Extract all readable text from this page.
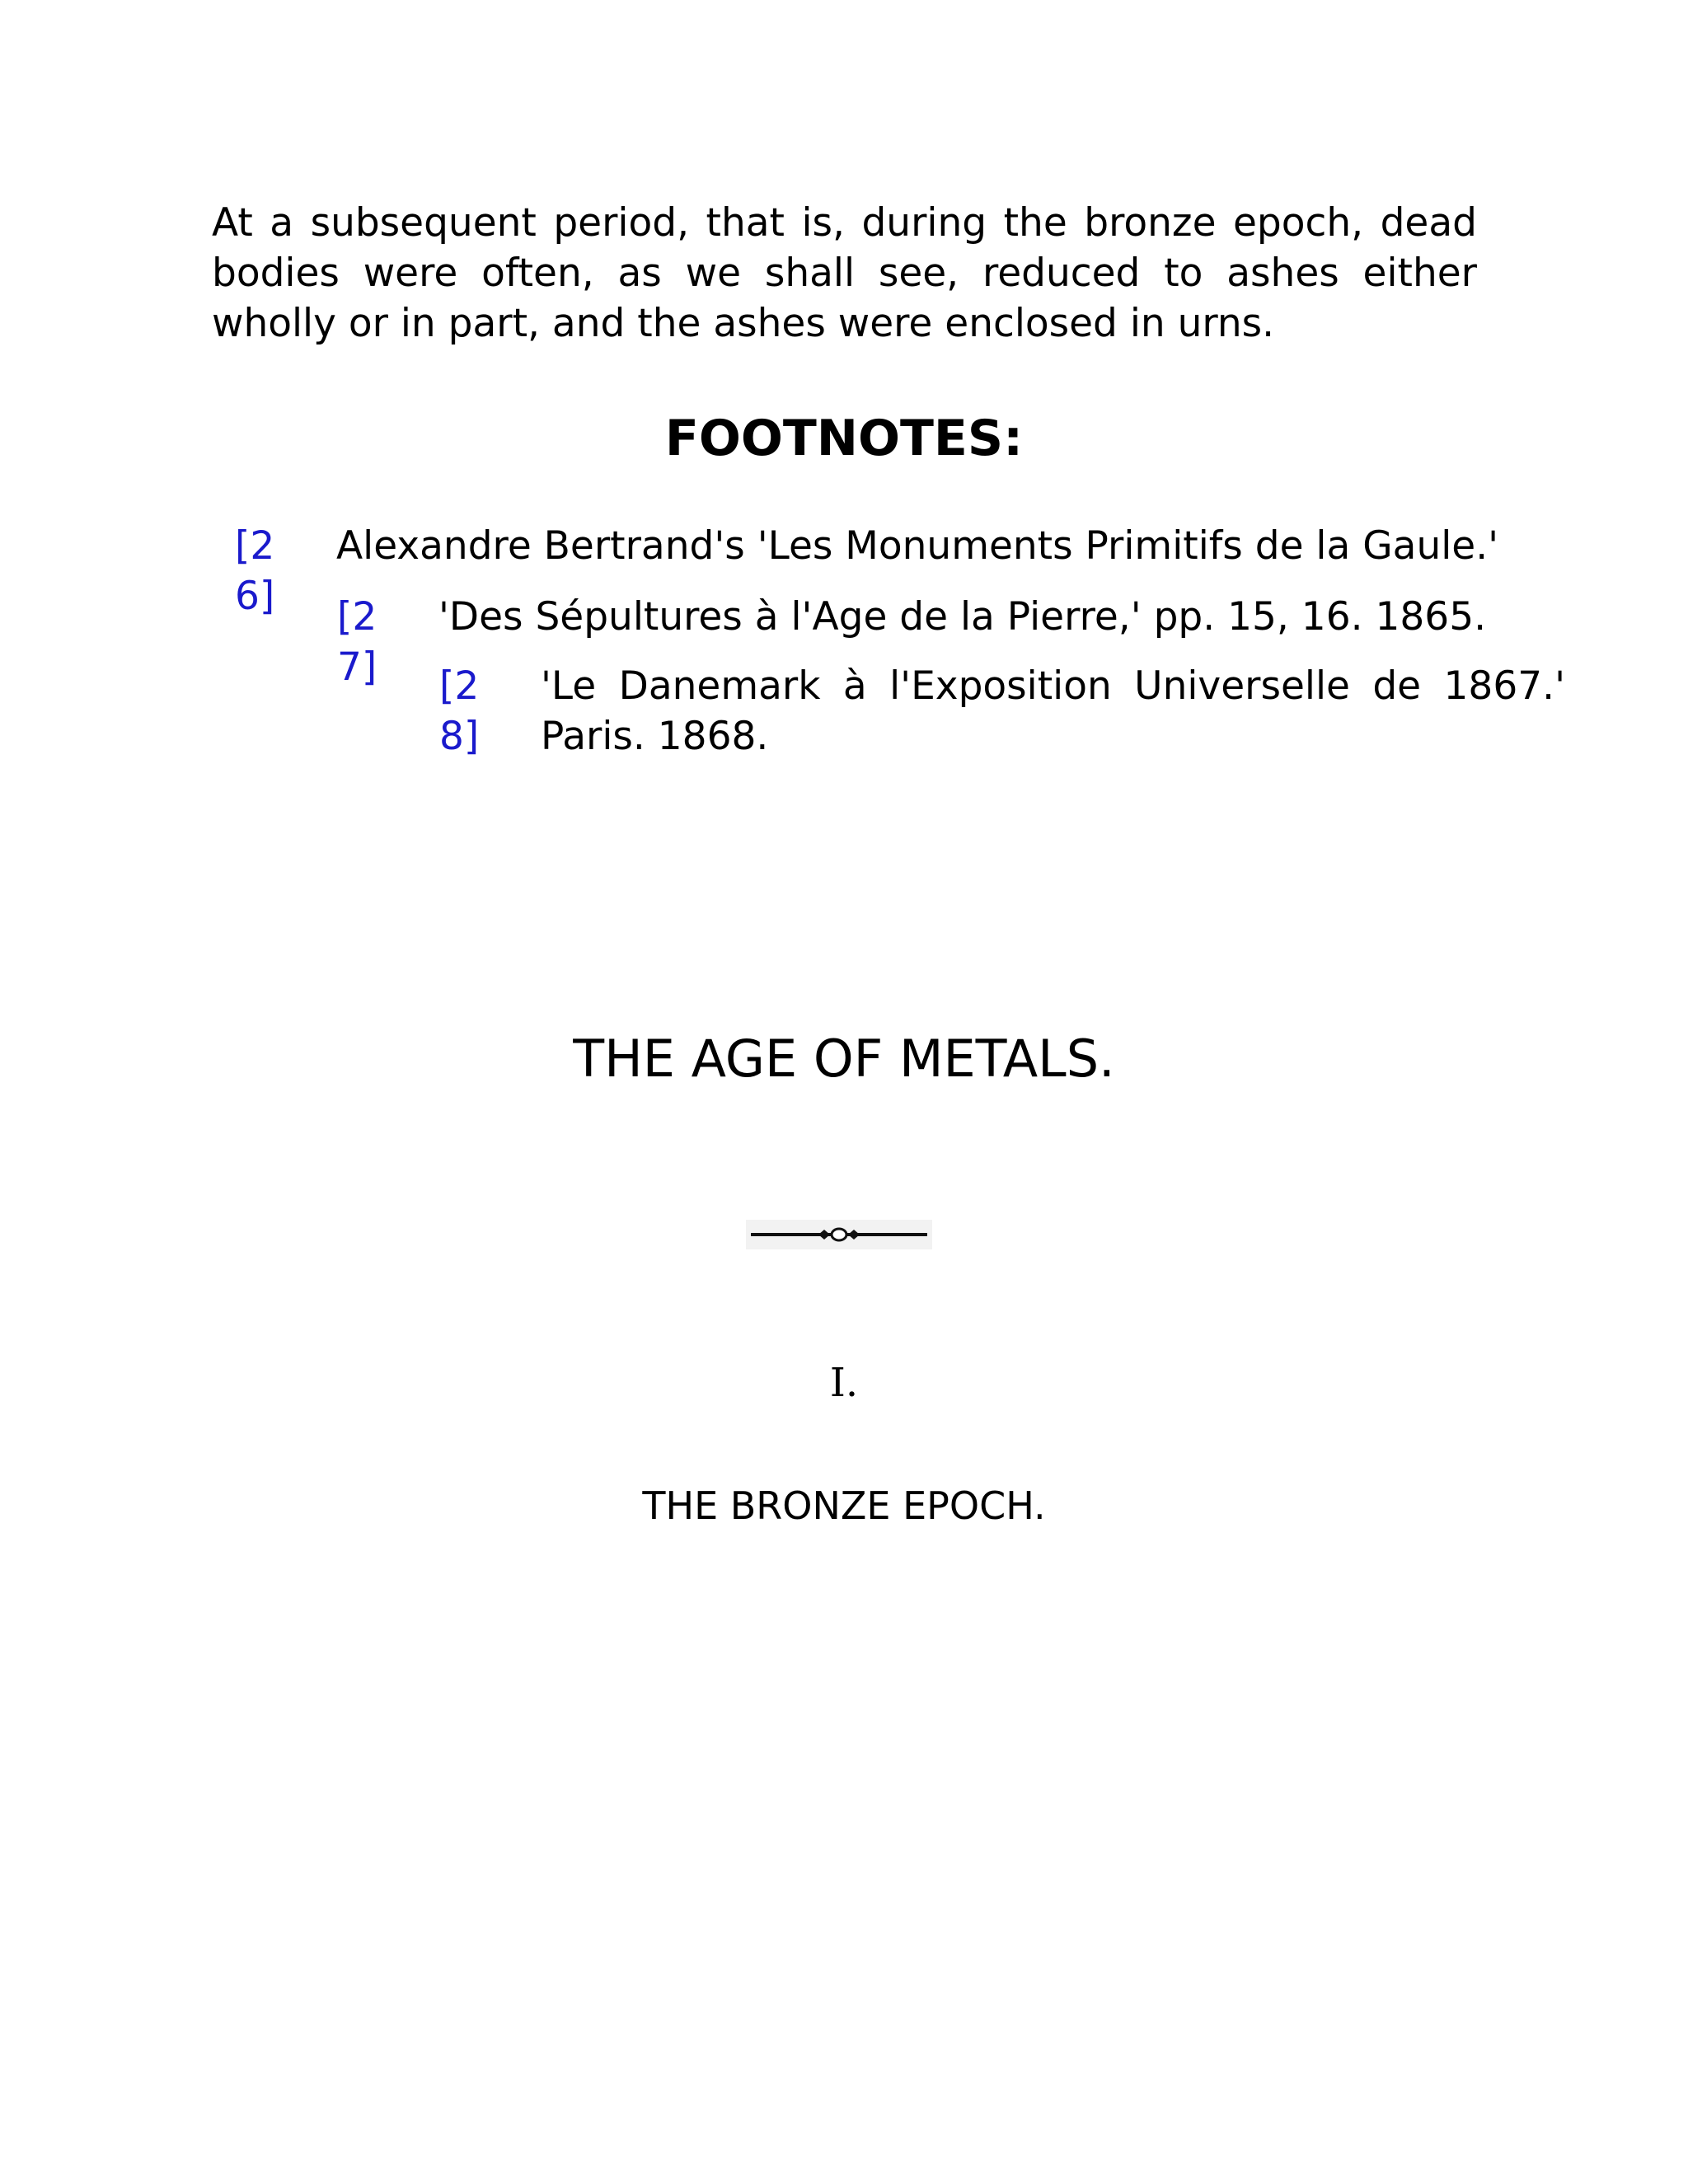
At a subsequent period, that is, during the bronze epoch, dead bodies were often, as we shall see, reduced to ashes either wholly or in part, and the ashes were enclosed in urns.

FOOTNOTES:
[26]
Alexandre Bertrand's 'Les Monuments Primitifs de la Gaule.'
[27]
'Des Sépultures à l'Age de la Pierre,' pp. 15, 16. 1865.
[28]
'Le Danemark à l'Exposition Universelle de 1867.' Paris. 1868.
THE AGE OF METALS.
I.
THE BRONZE EPOCH.
